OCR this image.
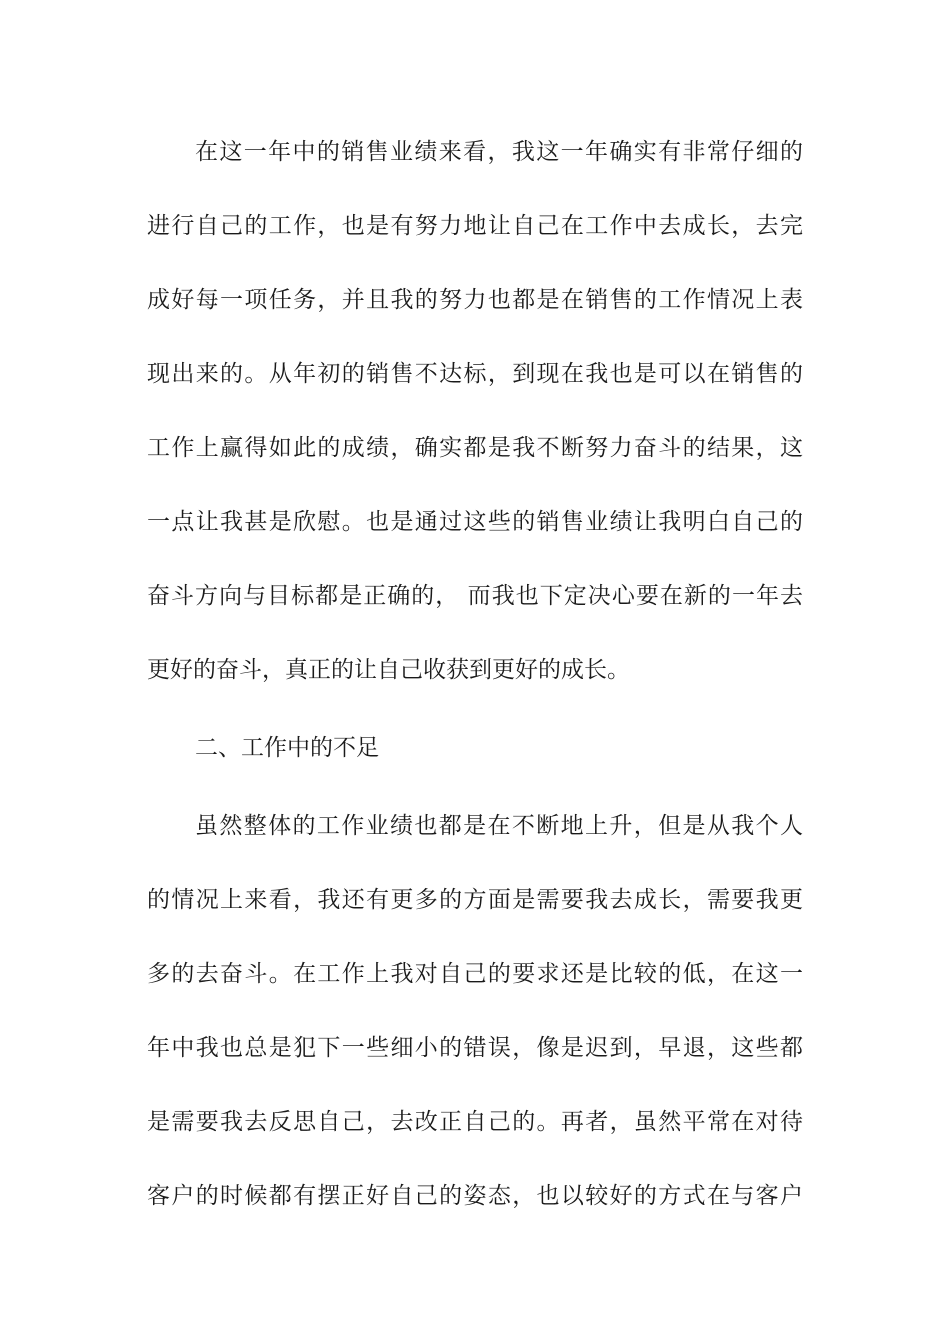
在这一年中的销售业绩来看，我这一年确实有非常仔细的
进行自己的工作，也是有努力地让自己在工作中去成长，去完
成好每一项任务，并且我的努力也都是在销售的工作情况上表
现出来的。从年初的销售不达标，到现在我也是可以在销售的
工作上赢得如此的成绩，确实都是我不断努力奋斗的结果，这
一点让我甚是欣慰。也是通过这些的销售业绩让我明白自己的
奋斗方向与目标都是正确的， 而我也下定决心要在新的一年去
更好的奋斗，真正的让自己收获到更好的成长。
二、工作中的不足
虽然整体的工作业绩也都是在不断地上升，但是从我个人
的情况上来看，我还有更多的方面是需要我去成长，需要我更
多的去奋斗。在工作上我对自己的要求还是比较的低，在这一
年中我也总是犯下一些细小的错误，像是迟到，早退，这些都
是需要我去反思自己，去改正自己的。再者，虽然平常在对待
客户的时候都有摆正好自己的姿态，也以较好的方式在与客户
